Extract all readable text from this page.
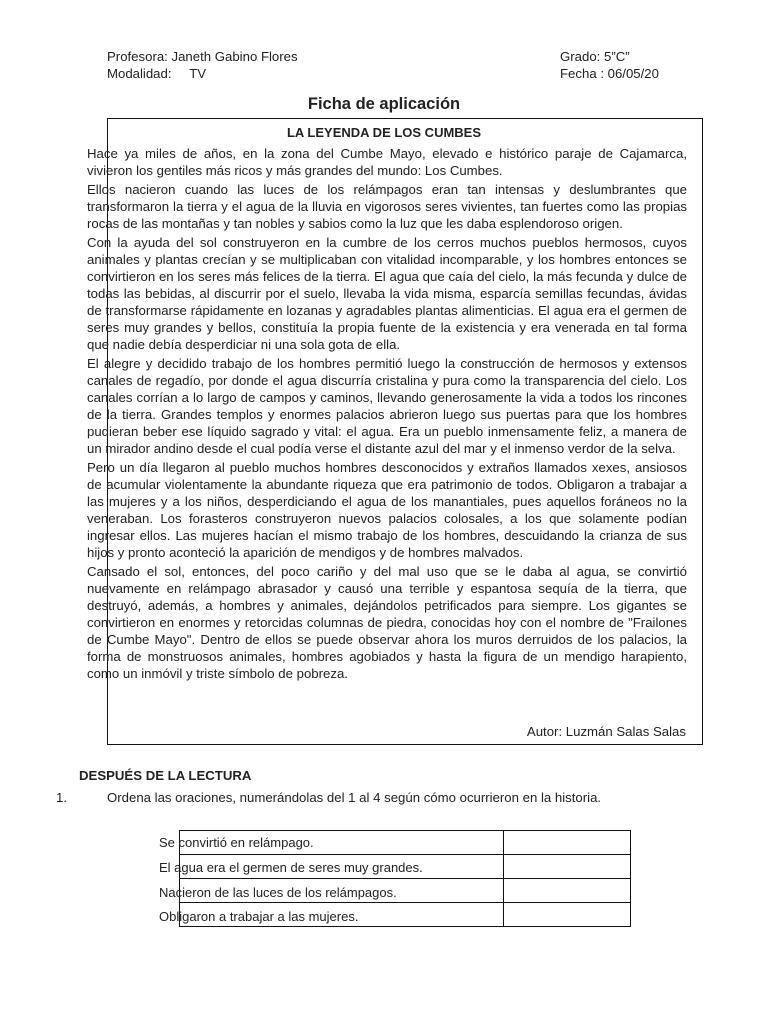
Profesora: Janeth Gabino Flores
Modalidad: TV
Grado: 5”C”
Fecha : 06/05/20
Ficha de aplicación
LA LEYENDA DE LOS CUMBES

Hace ya miles de años, en la zona del Cumbe Mayo, elevado e histórico paraje de Cajamarca, vivieron los gentiles más ricos y más grandes del mundo: Los Cumbes.

Ellos nacieron cuando las luces de los relámpagos eran tan intensas y deslumbrantes que transformaron la tierra y el agua de la lluvia en vigorosos seres vivientes, tan fuertes como las propias rocas de las montañas y tan nobles y sabios como la luz que les daba esplendoroso origen.

Con la ayuda del sol construyeron en la cumbre de los cerros muchos pueblos hermosos, cuyos animales y plantas crecían y se multiplicaban con vitalidad incomparable, y los hombres entonces se convirtieron en los seres más felices de la tierra. El agua que caía del cielo, la más fecunda y dulce de todas las bebidas, al discurrir por el suelo, llevaba la vida misma, esparcía semillas fecundas, ávidas de transformarse rápidamente en lozanas y agradables plantas alimenticias. El agua era el germen de seres muy grandes y bellos, constituía la propia fuente de la existencia y era venerada en tal forma que nadie debía desperdiciar ni una sola gota de ella.

El alegre y decidido trabajo de los hombres permitió luego la construcción de hermosos y extensos canales de regadío, por donde el agua discurría cristalina y pura como la transparencia del cielo. Los canales corrían a lo largo de campos y caminos, llevando generosamente la vida a todos los rincones de la tierra. Grandes templos y enormes palacios abrieron luego sus puertas para que los hombres pudieran beber ese líquido sagrado y vital: el agua. Era un pueblo inmensamente feliz, a manera de un mirador andino desde el cual podía verse el distante azul del mar y el inmenso verdor de la selva.

Pero un día llegaron al pueblo muchos hombres desconocidos y extraños llamados xexes, ansiosos de acumular violentamente la abundante riqueza que era patrimonio de todos. Obligaron a trabajar a las mujeres y a los niños, desperdiciando el agua de los manantiales, pues aquellos foráneos no la veneraban. Los forasteros construyeron nuevos palacios colosales, a los que solamente podían ingresar ellos. Las mujeres hacían el mismo trabajo de los hombres, descuidando la crianza de sus hijos y pronto aconteció la aparición de mendigos y de hombres malvados.

Cansado el sol, entonces, del poco cariño y del mal uso que se le daba al agua, se convirtió nuevamente en relámpago abrasador y causó una terrible y espantosa sequía de la tierra, que destruyó, además, a hombres y animales, dejándolos petrificados para siempre. Los gigantes se convirtieron en enormes y retorcidas columnas de piedra, conocidas hoy con el nombre de "Frailones de Cumbe Mayo". Dentro de ellos se puede observar ahora los muros derruidos de los palacios, la forma de monstruosos animales, hombres agobiados y hasta la figura de un mendigo harapiento, como un inmóvil y triste símbolo de pobreza.

Autor: Luzmán Salas Salas
DESPUÉS DE LA LECTURA
1.	Ordena las oraciones, numerándolas del 1 al 4 según cómo ocurrieron en la historia.

Se convirtió en relámpago.
El agua era el germen de seres muy grandes.
Nacieron de las luces de los relámpagos.
Obligaron a trabajar a las mujeres.
